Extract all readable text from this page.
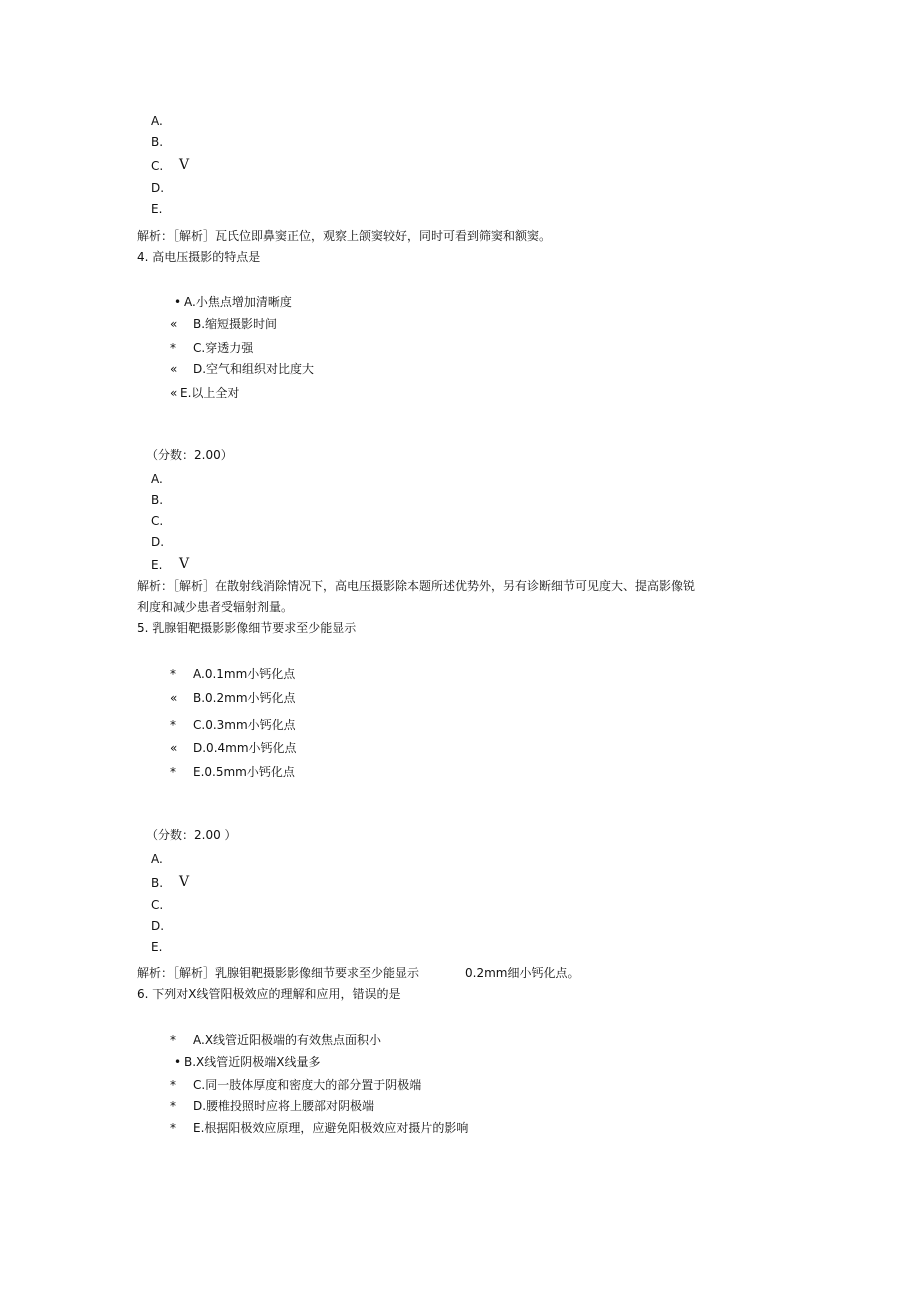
A.
B.
C. V
D.
E.
解析：［解析］瓦氏位即鼻窦正位，观察上颌窦较好，同时可看到筛窦和额窦。
4. 高电压摄影的特点是
• A.小焦点增加清晰度
« B.缩短摄影时间
* C.穿透力强
« D.空气和组织对比度大
« E.以上全对
（分数：2.00）
A.
B.
C.
D.
E. V
解析：［解析］在散射线消除情况下，高电压摄影除本题所述优势外，另有诊断细节可见度大、提高影像锐
利度和减少患者受辐射剂量。
5. 乳腺钼靶摄影影像细节要求至少能显示
* A.0.1mm小钙化点
« B.0.2mm小钙化点
* C.0.3mm小钙化点
« D.0.4mm小钙化点
* E.0.5mm小钙化点
（分数：2.00 ）
A.
B. V
C.
D.
E.
解析：［解析］乳腺钼靶摄影影像细节要求至少能显示	0.2mm细小钙化点。
6. 下列对X线管阳极效应的理解和应用，错误的是
* A.X线管近阳极端的有效焦点面积小
• B.X线管近阴极端X线量多
* C.同一肢体厚度和密度大的部分置于阴极端
* D.腰椎投照时应将上腰部对阴极端
* E.根据阳极效应原理，应避免阳极效应对摄片的影响
